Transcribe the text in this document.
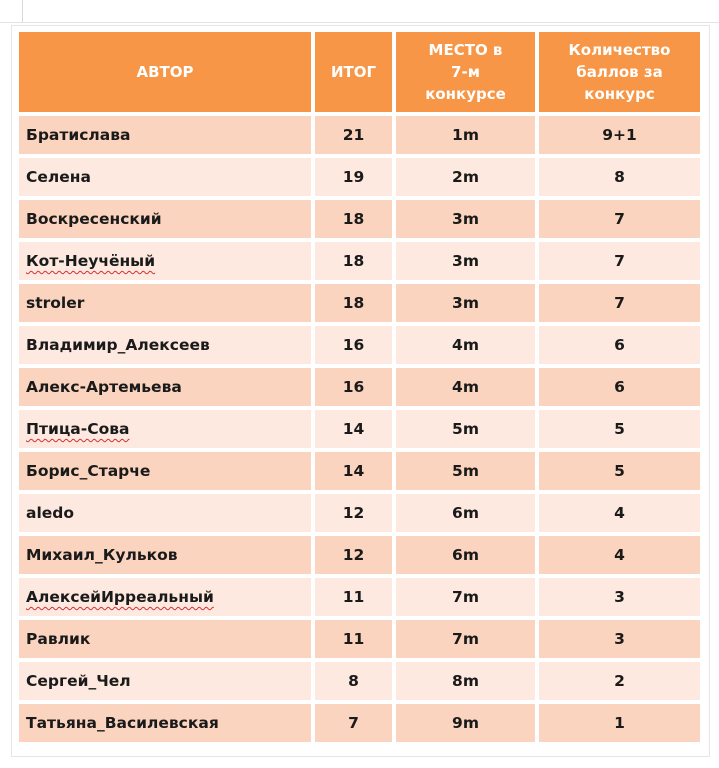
АВТОР	ИТОГ	МЕСТО в 7-м конкурсе	Количество баллов за конкурс

Братислава	21	1m	9+1
Селена	19	2m	8
Воскресенский	18	3m	7
Кот-Неучёный	18	3m	7
stroler	18	3m	7
Владимир_Алексеев	16	4m	6
Алекс-Артемьева	16	4m	6
Птица-Сова	14	5m	5
Борис_Старче	14	5m	5
aledo	12	6m	4
Михаил_Кульков	12	6m	4
АлексейИрреальный	11	7m	3
Равлик	11	7m	3
Сергей_Чел	8	8m	2
Татьяна_Василевская	7	9m	1
